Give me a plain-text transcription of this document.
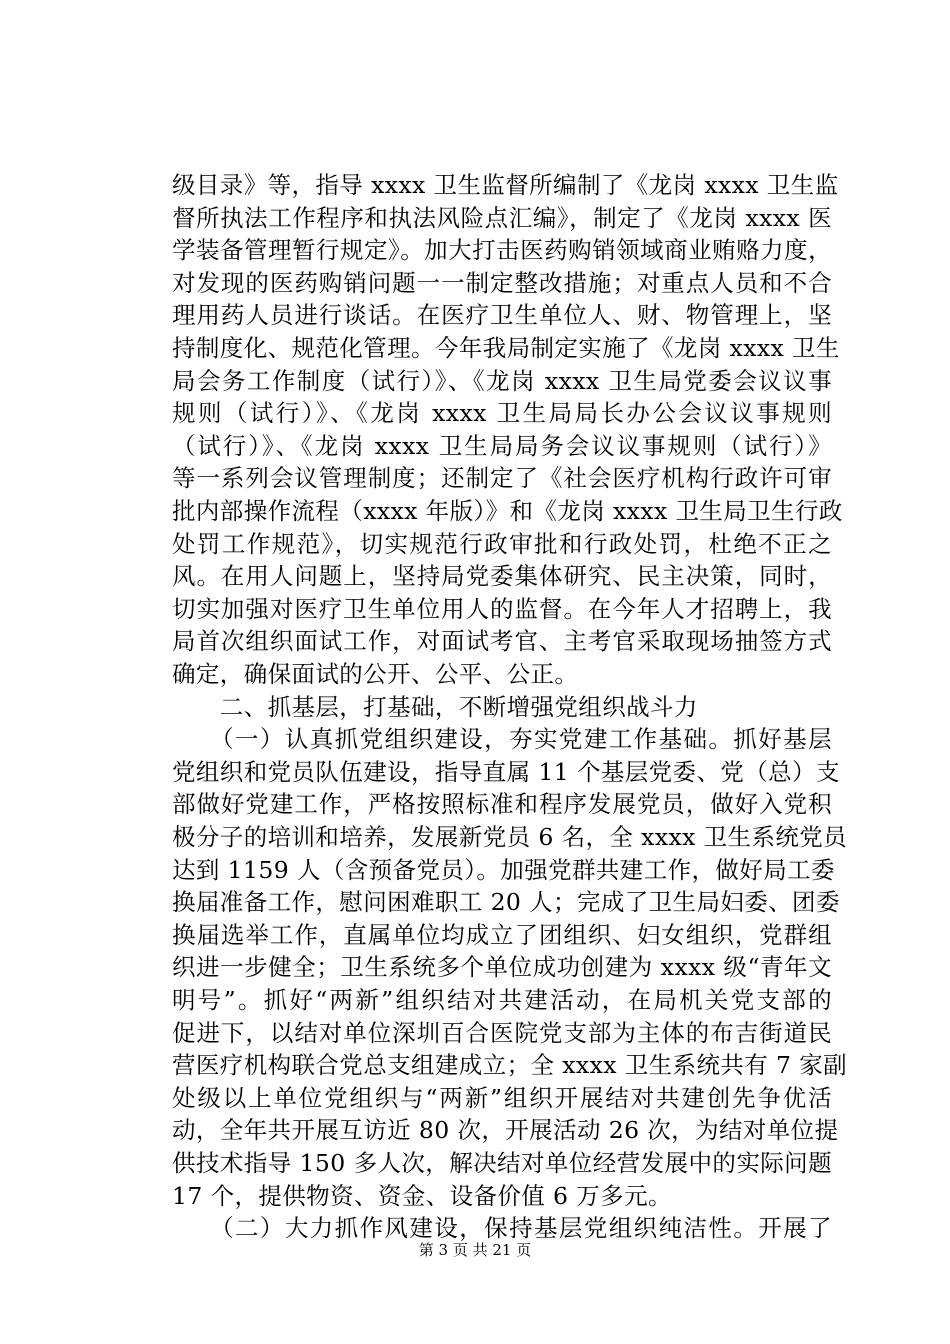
级目录》等，指导 xxxx 卫生监督所编制了《龙岗 xxxx 卫生监
督所执法工作程序和执法风险点汇编》，制定了《龙岗 xxxx 医
学装备管理暂行规定》。加大打击医药购销领域商业贿赂力度，
对发现的医药购销问题一一制定整改措施；对重点人员和不合
理用药人员进行谈话。在医疗卫生单位人、财、物管理上，坚
持制度化、规范化管理。今年我局制定实施了《龙岗 xxxx 卫生
局会务工作制度（试行）》、《龙岗 xxxx 卫生局党委会议议事
规则（试行）》、《龙岗 xxxx 卫生局局长办公会议议事规则
（试行）》、《龙岗 xxxx 卫生局局务会议议事规则（试行）》
等一系列会议管理制度；还制定了《社会医疗机构行政许可审
批内部操作流程（xxxx 年版）》和《龙岗 xxxx 卫生局卫生行政
处罚工作规范》，切实规范行政审批和行政处罚，杜绝不正之
风。在用人问题上，坚持局党委集体研究、民主决策，同时，
切实加强对医疗卫生单位用人的监督。在今年人才招聘上，我
局首次组织面试工作，对面试考官、主考官采取现场抽签方式
确定，确保面试的公开、公平、公正。
　　二、抓基层，打基础，不断增强党组织战斗力
　　（一）认真抓党组织建设，夯实党建工作基础。抓好基层
党组织和党员队伍建设，指导直属 11 个基层党委、党（总）支
部做好党建工作，严格按照标准和程序发展党员，做好入党积
极分子的培训和培养，发展新党员 6 名，全 xxxx 卫生系统党员
达到 1159 人（含预备党员）。加强党群共建工作，做好局工委
换届准备工作，慰问困难职工 20 人；完成了卫生局妇委、团委
换届选举工作，直属单位均成立了团组织、妇女组织，党群组
织进一步健全；卫生系统多个单位成功创建为 xxxx 级“青年文
明号”。抓好“两新”组织结对共建活动，在局机关党支部的
促进下，以结对单位深圳百合医院党支部为主体的布吉街道民
营医疗机构联合党总支组建成立；全 xxxx 卫生系统共有 7 家副
处级以上单位党组织与“两新”组织开展结对共建创先争优活
动，全年共开展互访近 80 次，开展活动 26 次，为结对单位提
供技术指导 150 多人次，解决结对单位经营发展中的实际问题
17 个，提供物资、资金、设备价值 6 万多元。
　　（二）大力抓作风建设，保持基层党组织纯洁性。开展了
第 3 页 共 21 页
